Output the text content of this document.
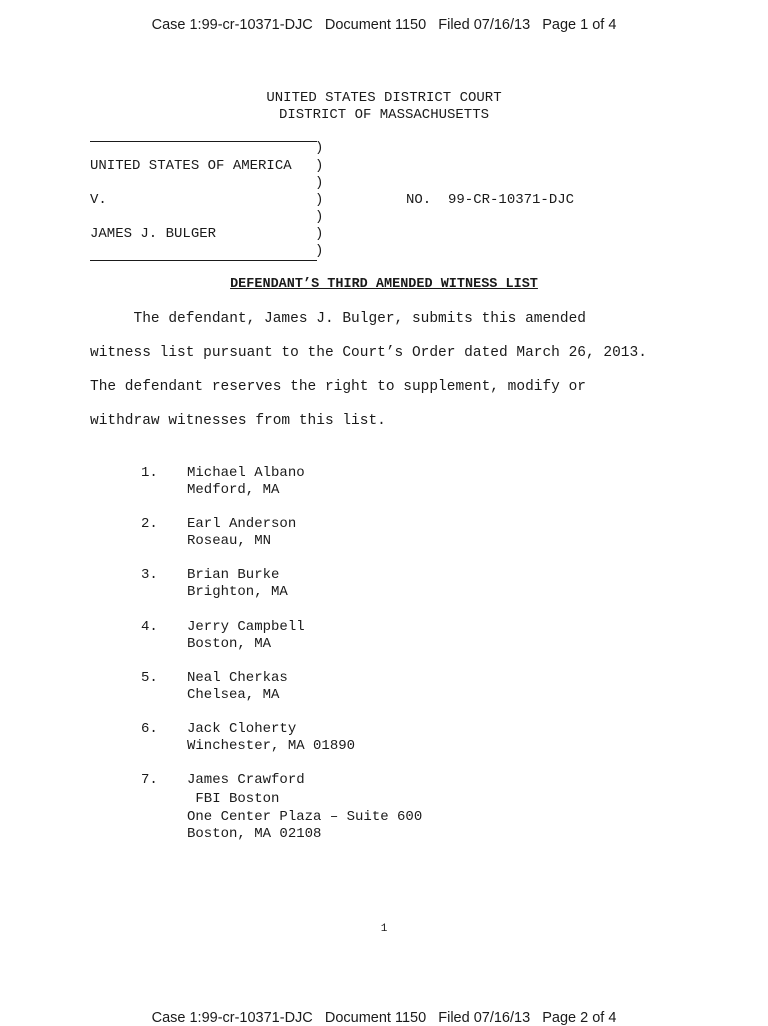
Case 1:99-cr-10371-DJC   Document 1150   Filed 07/16/13   Page 1 of 4
UNITED STATES DISTRICT COURT
DISTRICT OF MASSACHUSETTS
)
UNITED STATES OF AMERICA )
)
V.	)	NO.  99-CR-10371-DJC
)
JAMES J. BULGER	)
)
DEFENDANT’S THIRD AMENDED WITNESS LIST
The defendant, James J. Bulger, submits this amended
witness list pursuant to the Court’s Order dated March 26, 2013.
The defendant reserves the right to supplement, modify or
withdraw witnesses from this list.
1. Michael Albano
Medford, MA
2. Earl Anderson
Roseau, MN
3. Brian Burke
Brighton, MA
4. Jerry Campbell
Boston, MA
5. Neal Cherkas
Chelsea, MA
6. Jack Cloherty
Winchester, MA 01890
7. James Crawford
FBI Boston
One Center Plaza – Suite 600
Boston, MA 02108
1
Case 1:99-cr-10371-DJC   Document 1150   Filed 07/16/13   Page 2 of 4
